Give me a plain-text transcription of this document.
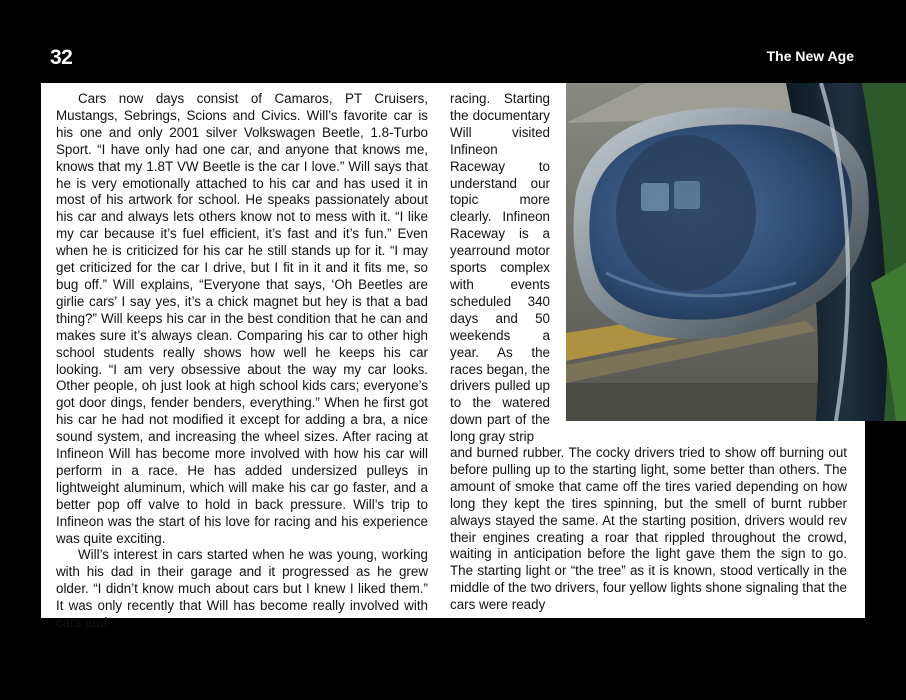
32	The New Age

Cars now days consist of Camaros, PT Cruisers, Mustangs, Sebrings, Scions and Civics. Will’s favorite car is his one and only 2001 silver Volkswagen Beetle, 1.8-Turbo Sport. “I have only had one car, and anyone that knows me, knows that my 1.8T VW Beetle is the car I love.” Will says that he is very emotionally attached to his car and has used it in most of his artwork for school. He speaks passionately about his car and always lets others know not to mess with it. “I like my car because it’s fuel efficient, it’s fast and it’s fun.” Even when he is criticized for his car he still stands up for it. “I may get criticized for the car I drive, but I fit in it and it fits me, so bug off.” Will explains, “Everyone that says, ‘Oh Beetles are girlie cars’ I say yes, it’s a chick magnet but hey is that a bad thing?” Will keeps his car in the best condition that he can and makes sure it’s always clean. Comparing his car to other high school students really shows how well he keeps his car looking. “I am very obsessive about the way my car looks. Other people, oh just look at high school kids cars; everyone’s got door dings, fender benders, everything.” When he first got his car he had not modified it except for adding a bra, a nice sound system, and increasing the wheel sizes. After racing at Infineon Will has become more involved with how his car will perform in a race. He has added undersized pulleys in lightweight aluminum, which will make his car go faster, and a better pop off valve to hold in back pressure. Will’s trip to Infineon was the start of his love for racing and his experience was quite exciting.

Will’s interest in cars started when he was young, working with his dad in their garage and it progressed as he grew older. “I didn’t know much about cars but I knew I liked them.” It was only recently that Will has become really involved with cars and

racing. Starting the documentary Will visited Infineon Raceway to understand our topic more clearly. Infineon Raceway is a yearround motor sports complex with events scheduled 340 days and 50 weekends a year. As the races began, the drivers pulled up to the watered down part of the long gray strip

and burned rubber. The cocky drivers tried to show off burning out before pulling up to the starting light, some better than others. The amount of smoke that came off the tires varied depending on how long they kept the tires spinning, but the smell of burnt rubber always stayed the same. At the starting position, drivers would rev their engines creating a roar that rippled throughout the crowd, waiting in anticipation before the light gave them the sign to go. The starting light or “the tree” as it is known, stood vertically in the middle of the two drivers, four yellow lights shone signaling that the cars were ready
